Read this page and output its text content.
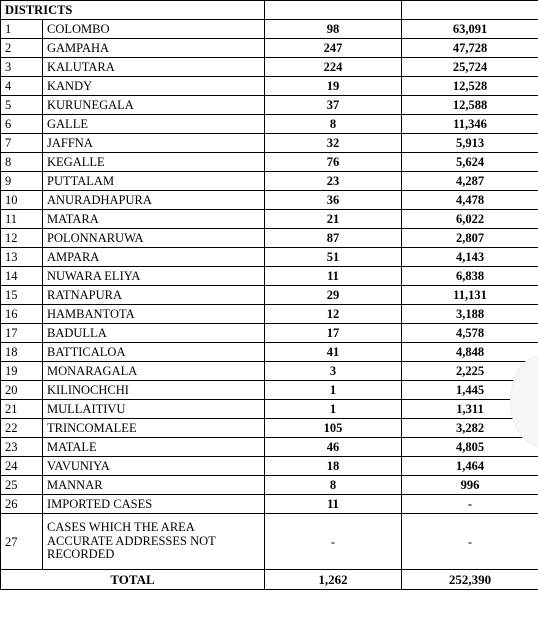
DISTRICTS			
1	COLOMBO	98	63,091
2	GAMPAHA	247	47,728
3	KALUTARA	224	25,724
4	KANDY	19	12,528
5	KURUNEGALA	37	12,588
6	GALLE	8	11,346
7	JAFFNA	32	5,913
8	KEGALLE	76	5,624
9	PUTTALAM	23	4,287
10	ANURADHAPURA	36	4,478
11	MATARA	21	6,022
12	POLONNARUWA	87	2,807
13	AMPARA	51	4,143
14	NUWARA ELIYA	11	6,838
15	RATNAPURA	29	11,131
16	HAMBANTOTA	12	3,188
17	BADULLA	17	4,578
18	BATTICALOA	41	4,848
19	MONARAGALA	3	2,225
20	KILINOCHCHI	1	1,445
21	MULLAITIVU	1	1,311
22	TRINCOMALEE	105	3,282
23	MATALE	46	4,805
24	VAVUNIYA	18	1,464
25	MANNAR	8	996
26	IMPORTED CASES	11	-
27	CASES WHICH THE AREA
ACCURATE ADDRESSES NOT
RECORDED	-	-
TOTAL		1,262	252,390
